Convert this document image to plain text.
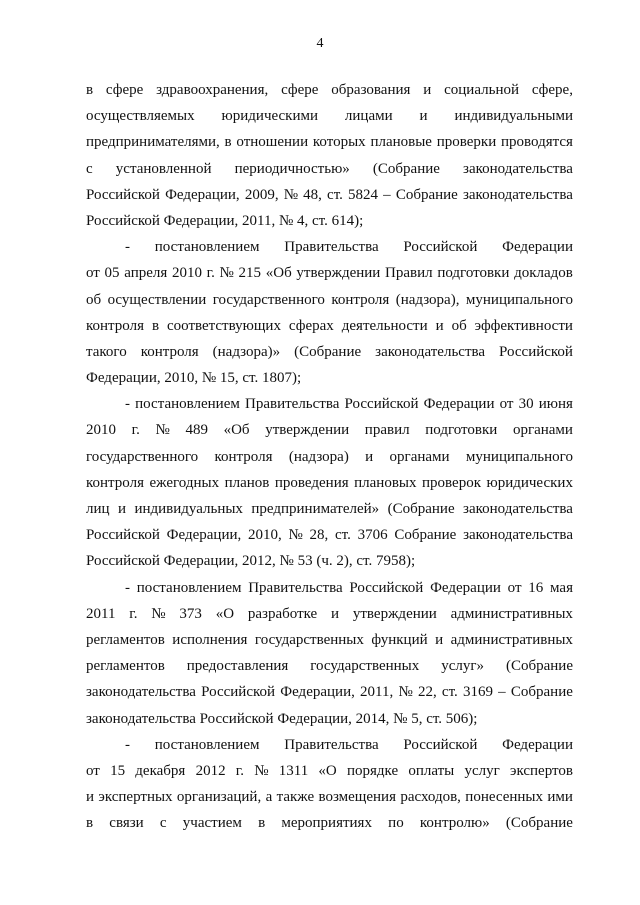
4
в сфере здравоохранения, сфере образования и социальной сфере,
осуществляемых юридическими лицами и индивидуальными
предпринимателями, в отношении которых плановые проверки проводятся
с установленной периодичностью» (Собрание законодательства
Российской Федерации, 2009, № 48, ст. 5824 – Собрание законодательства
Российской Федерации, 2011, № 4, ст. 614);
- постановлением Правительства Российской Федерации
от 05 апреля 2010 г. № 215 «Об утверждении Правил подготовки докладов
об осуществлении государственного контроля (надзора), муниципального
контроля в соответствующих сферах деятельности и об эффективности
такого контроля (надзора)» (Собрание законодательства Российской
Федерации, 2010, № 15, ст. 1807);
- постановлением Правительства Российской Федерации от 30 июня
2010 г. № 489 «Об утверждении правил подготовки органами
государственного контроля (надзора) и органами муниципального
контроля ежегодных планов проведения плановых проверок юридических
лиц и индивидуальных предпринимателей» (Собрание законодательства
Российской Федерации, 2010, № 28, ст. 3706 Собрание законодательства
Российской Федерации, 2012, № 53 (ч. 2), ст. 7958);
- постановлением Правительства Российской Федерации от 16 мая
2011 г. № 373 «О разработке и утверждении административных
регламентов исполнения государственных функций и административных
регламентов предоставления государственных услуг» (Собрание
законодательства Российской Федерации, 2011, № 22, ст. 3169 – Собрание
законодательства Российской Федерации, 2014, № 5, ст. 506);
- постановлением Правительства Российской Федерации
от 15 декабря 2012 г. № 1311 «О порядке оплаты услуг экспертов
и экспертных организаций, а также возмещения расходов, понесенных ими
в связи с участием в мероприятиях по контролю» (Собрание
